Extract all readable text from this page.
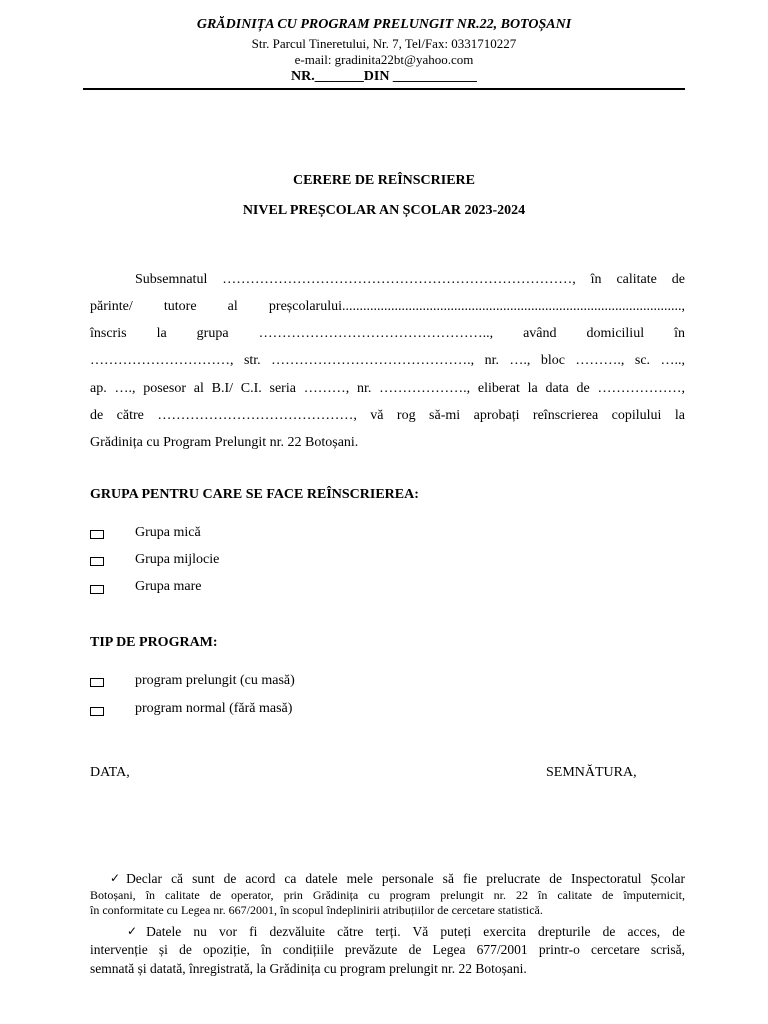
GRĂDINIȚA CU PROGRAM PRELUNGIT NR.22, BOTOȘANI
Str. Parcul Tineretului, Nr. 7, Tel/Fax: 0331710227
e-mail: gradinita22bt@yahoo.com
NR._______DIN ____________
CERERE DE REÎNSCRIERE
NIVEL PREȘCOLAR AN ȘCOLAR 2023-2024
Subsemnatul …………………………………………………………………, în calitate de
părinte/ tutore al preșcolarului.................................................................................................,
înscris la grupa ………………………………………….., având domiciliul în
…………………………, str. ……………………………………., nr. …., bloc ………., sc. …..,
ap. …., posesor al B.I/ C.I. seria ………, nr. ………………., eliberat la data de ………………,
de către ……………………………………, vă rog să-mi aprobați reînscrierea copilului la
Grădinița cu Program Prelungit nr. 22 Botoșani.
GRUPA PENTRU CARE SE FACE REÎNSCRIEREA:
Grupa mică
Grupa mijlocie
Grupa mare
TIP DE PROGRAM:
program prelungit (cu masă)
program normal (fără masă)
DATA,	SEMNĂTURA,
✓ Declar că sunt de acord ca datele mele personale să fie prelucrate de Inspectoratul Școlar
Botoșani, în calitate de operator, prin Grădinița cu program prelungit nr. 22 în calitate de împuternicit,
în conformitate cu Legea nr. 667/2001, în scopul îndeplinirii atribuțiilor de cercetare statistică.
✓ Datele nu vor fi dezvăluite către terți. Vă puteți exercita drepturile de acces, de
intervenție și de opoziție, în condițiile prevăzute de Legea 677/2001 printr-o cercetare scrisă,
semnată și datată, înregistrată, la Grădinița cu program prelungit nr. 22 Botoșani.
